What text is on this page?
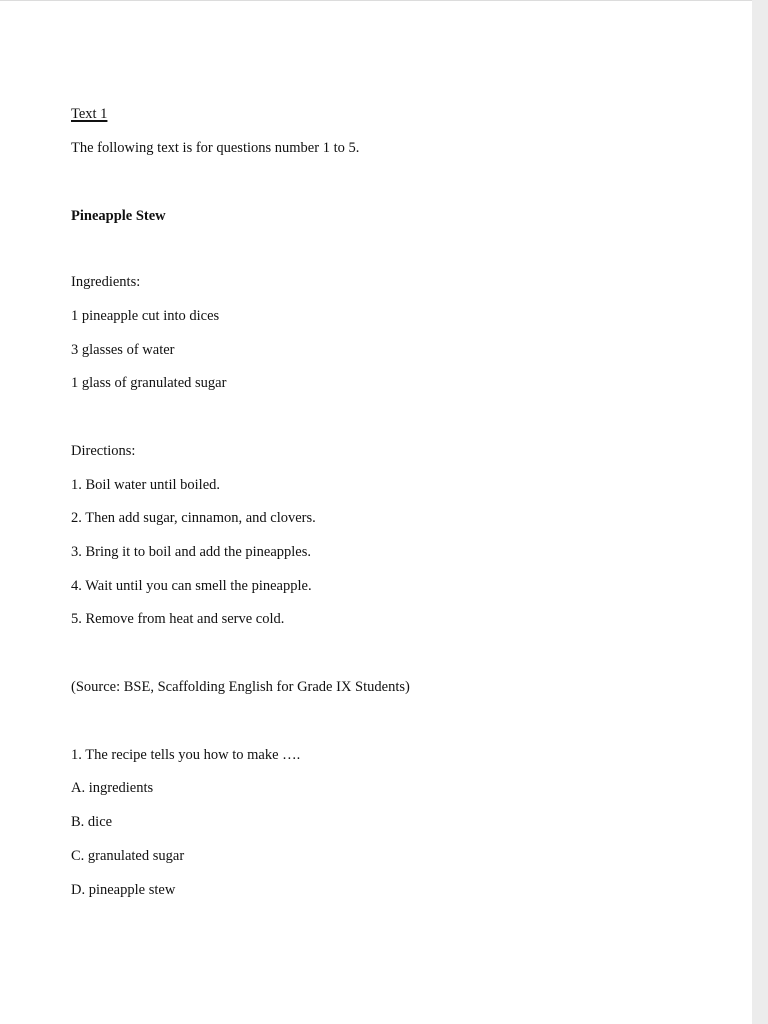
Text 1
The following text is for questions number 1 to 5.
Pineapple Stew
Ingredients:
1 pineapple cut into dices
3 glasses of water
1 glass of granulated sugar
Directions:
1. Boil water until boiled.
2. Then add sugar, cinnamon, and clovers.
3. Bring it to boil and add the pineapples.
4. Wait until you can smell the pineapple.
5. Remove from heat and serve cold.
(Source: BSE, Scaffolding English for Grade IX Students)
1. The recipe tells you how to make ….
A. ingredients
B. dice
C. granulated sugar
D. pineapple stew
